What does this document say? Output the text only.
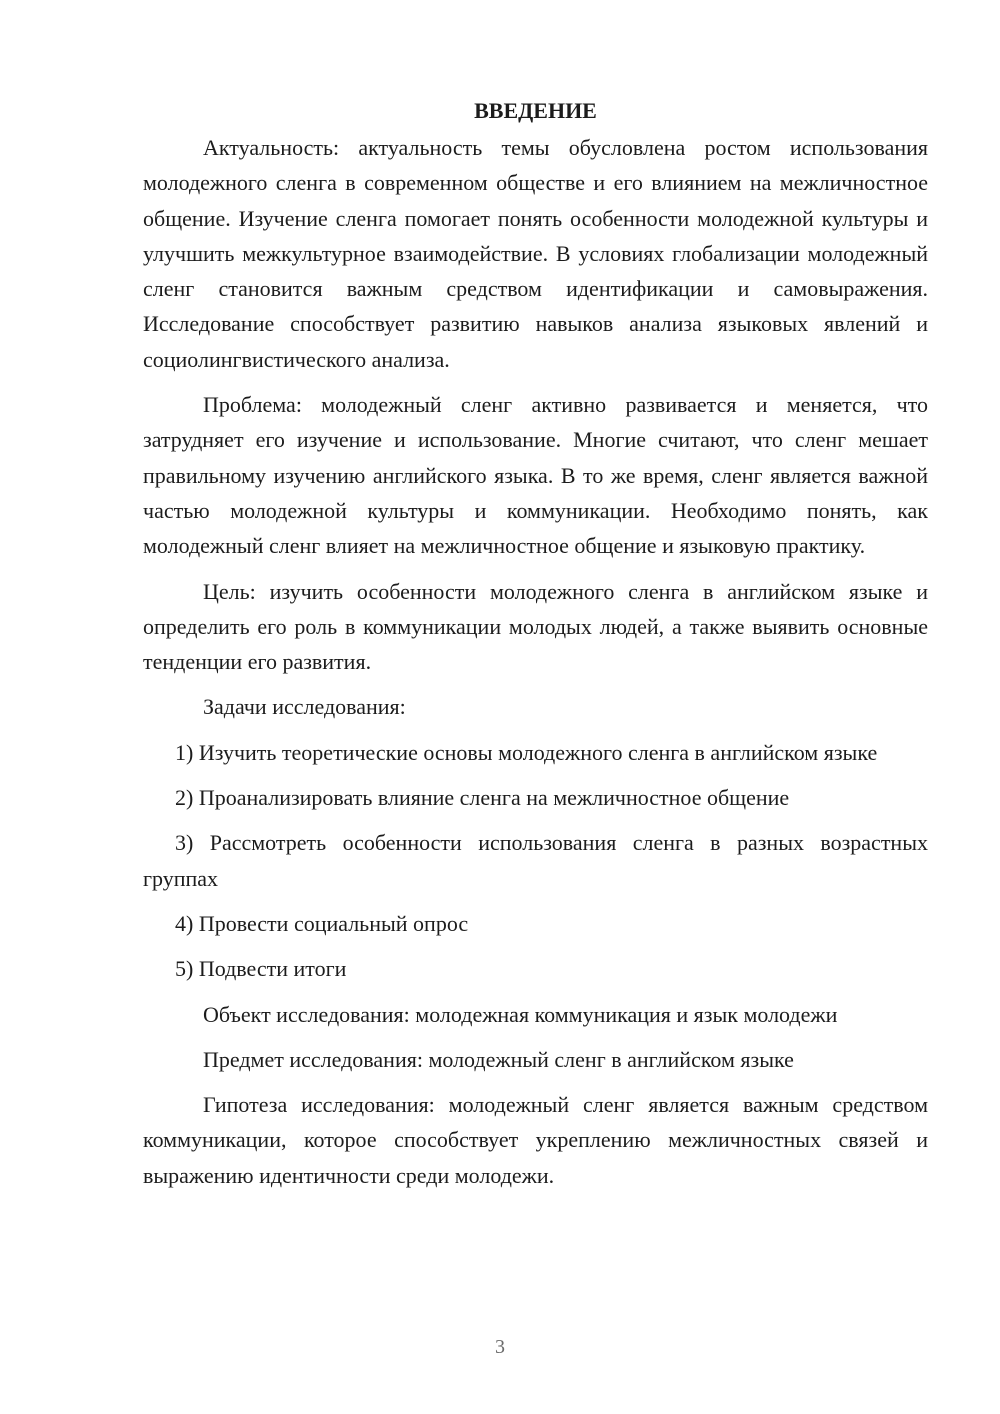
ВВЕДЕНИЕ

Актуальность: актуальность темы обусловлена ростом использования молодежного сленга в современном обществе и его влиянием на межличностное общение. Изучение сленга помогает понять особенности молодежной культуры и улучшить межкультурное взаимодействие. В условиях глобализации молодежный сленг становится важным средством идентификации и самовыражения. Исследование способствует развитию навыков анализа языковых явлений и социолингвистического анализа.

Проблема: молодежный сленг активно развивается и меняется, что затрудняет его изучение и использование. Многие считают, что сленг мешает правильному изучению английского языка. В то же время, сленг является важной частью молодежной культуры и коммуникации. Необходимо понять, как молодежный сленг влияет на межличностное общение и языковую практику.

Цель: изучить особенности молодежного сленга в английском языке и определить его роль в коммуникации молодых людей, а также выявить основные тенденции его развития.

Задачи исследования:

1) Изучить теоретические основы молодежного сленга в английском языке

2) Проанализировать влияние сленга на межличностное общение

3) Рассмотреть особенности использования сленга в разных возрастных группах

4) Провести социальный опрос

5) Подвести итоги

Объект исследования: молодежная коммуникация и язык молодежи

Предмет исследования: молодежный сленг в английском языке

Гипотеза исследования: молодежный сленг является важным средством коммуникации, которое способствует укреплению межличностных связей и выражению идентичности среди молодежи.

3
